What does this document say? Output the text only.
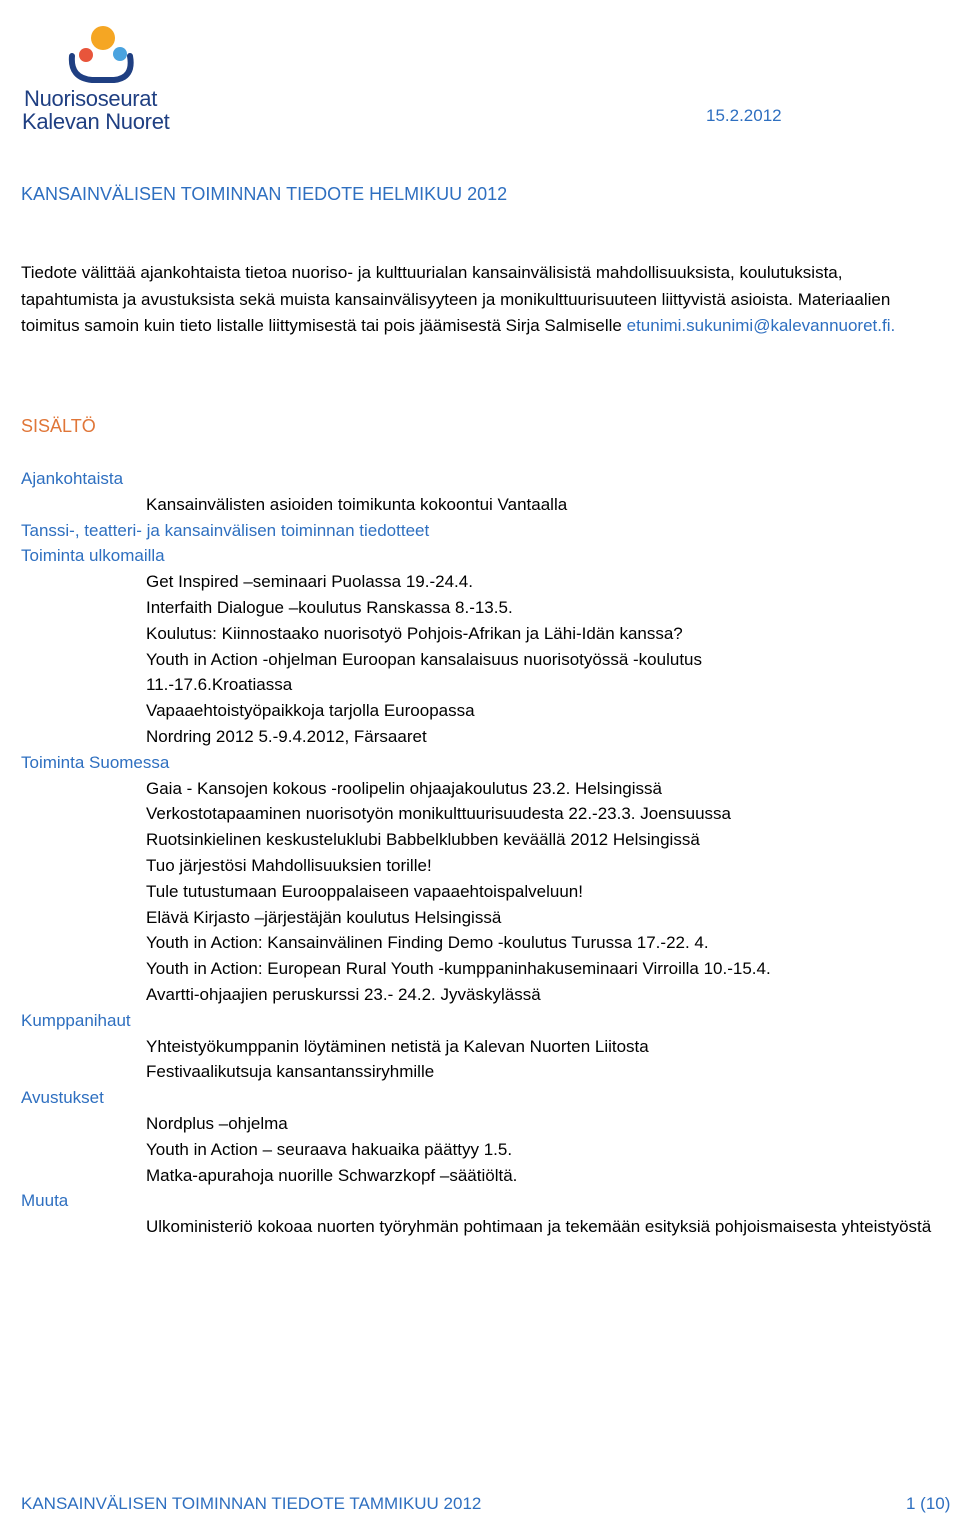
Nuorisoseurat
Kalevan Nuoret	15.2.2012
KANSAINVÄLISEN TOIMINNAN TIEDOTE HELMIKUU 2012
Tiedote välittää ajankohtaista tietoa nuoriso- ja kulttuurialan kansainvälisistä mahdollisuuksista, koulutuksista, tapahtumista ja avustuksista sekä muista kansainvälisyyteen ja monikulttuurisuuteen liittyvistä asioista. Materiaalien toimitus samoin kuin tieto listalle liittymisestä tai pois jäämisestä Sirja Salmiselle etunimi.sukunimi@kalevannuoret.fi.
SISÄLTÖ
Ajankohtaista
Kansainvälisten asioiden toimikunta kokoontui Vantaalla
Tanssi-, teatteri- ja kansainvälisen toiminnan tiedotteet
Toiminta ulkomailla
Get Inspired –seminaari Puolassa 19.-24.4.
Interfaith Dialogue –koulutus Ranskassa 8.-13.5.
Koulutus: Kiinnostaako nuorisotyö Pohjois-Afrikan ja Lähi-Idän kanssa?
Youth in Action -ohjelman Euroopan kansalaisuus nuorisotyössä -koulutus 11.-17.6.Kroatiassa
Vapaaehtoistyöpaikkoja tarjolla Euroopassa
Nordring 2012 5.-9.4.2012, Färsaaret
Toiminta Suomessa
Gaia - Kansojen kokous -roolipelin ohjaajakoulutus 23.2. Helsingissä
Verkostotapaaminen nuorisotyön monikulttuurisuudesta 22.-23.3. Joensuussa
Ruotsinkielinen keskusteluklubi Babbelklubben keväällä 2012 Helsingissä
Tuo järjestösi Mahdollisuuksien torille!
Tule tutustumaan Eurooppalaiseen vapaaehtoispalveluun!
Elävä Kirjasto –järjestäjän koulutus Helsingissä
Youth in Action: Kansainvälinen Finding Demo -koulutus Turussa 17.-22. 4.
Youth in Action: European Rural Youth -kumppaninhakuseminaari Virroilla 10.-15.4.
Avartti-ohjaajien peruskurssi 23.- 24.2. Jyväskylässä
Kumppanihaut
Yhteistyökumppanin löytäminen netistä ja Kalevan Nuorten Liitosta
Festivaalikutsuja kansantanssiryhmille
Avustukset
Nordplus –ohjelma
Youth in Action – seuraava hakuaika päättyy 1.5.
Matka-apurahoja nuorille Schwarzkopf –säätiöltä.
Muuta
Ulkoministeriö kokoaa nuorten työryhmän pohtimaan ja tekemään esityksiä pohjoismaisesta yhteistyöstä
KANSAINVÄLISEN TOIMINNAN TIEDOTE TAMMIKUU 2012	1 (10)
